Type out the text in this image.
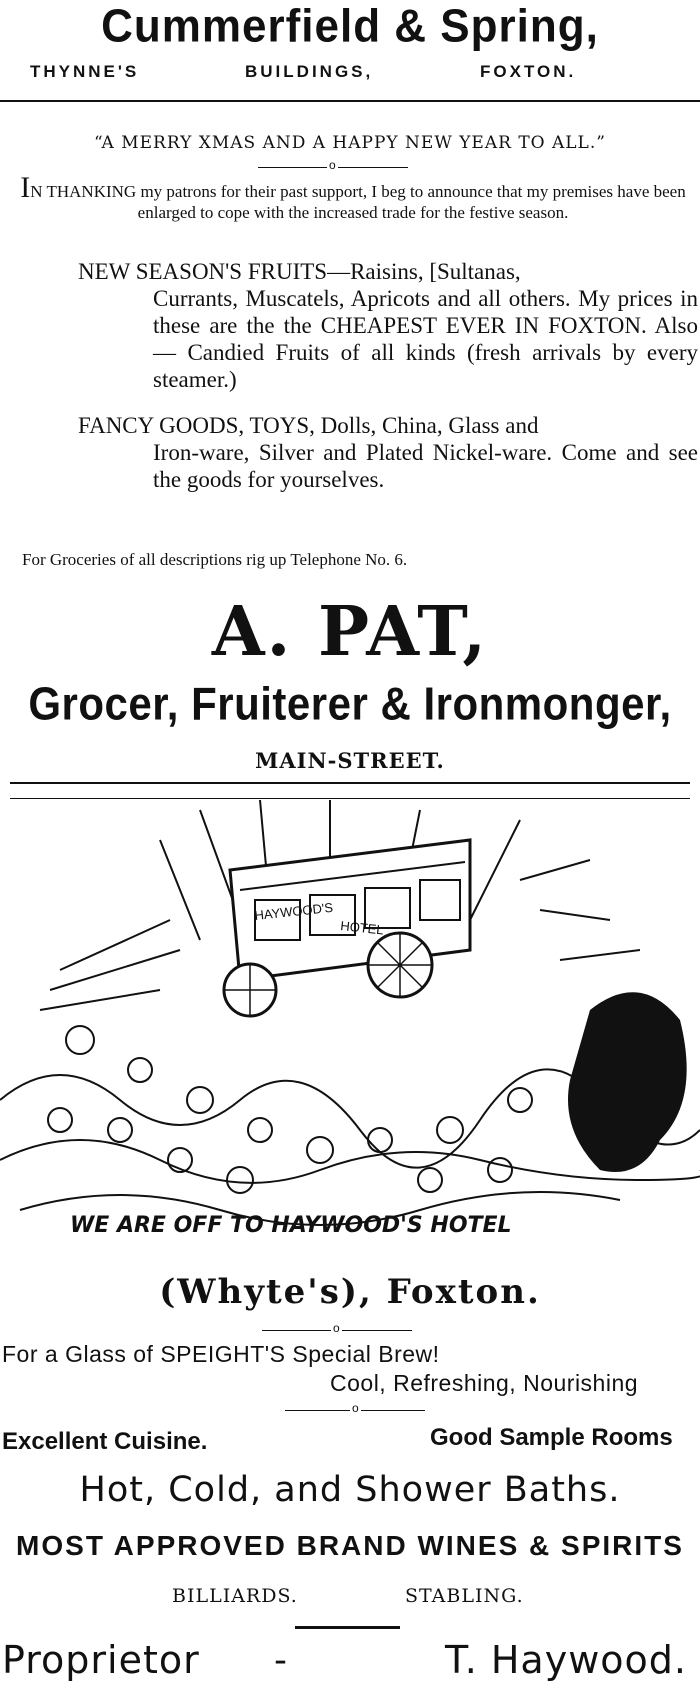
Cummerfield & Spring,
THYNNE'S	BUILDINGS,	FOXTON.
“A MERRY XMAS AND A HAPPY NEW YEAR TO ALL.”
o
IN THANKING my patrons for their past support, I beg to announce that my premises have been enlarged to cope with the increased trade for the festive season.
NEW SEASON'S FRUITS—Raisins, [Sultanas,
Currants, Muscatels, Apricots and all others. My prices in these are the the CHEAPEST EVER IN FOXTON. Also — Candied Fruits of all kinds (fresh arrivals by every steamer.)
FANCY GOODS, TOYS, Dolls, China, Glass and
Iron-ware, Silver and Plated Nickel-ware. Come and see the goods for yourselves.
For Groceries of all descriptions rig up Telephone No. 6.
A. PAT,
Grocer, Fruiterer & Ironmonger,
MAIN-STREET.
HAYWOOD'S
HOTEL
WE ARE OFF TO HAYWOOD'S HOTEL
(Whyte's), Foxton.
o
For a Glass of SPEIGHT'S Special Brew!
Cool, Refreshing, Nourishing
o
Excellent Cuisine.	Good Sample Rooms
Hot, Cold, and Shower Baths.
MOST APPROVED BRAND WINES & SPIRITS
BILLIARDS.	STABLING.
Proprietor -	T. Haywood.
